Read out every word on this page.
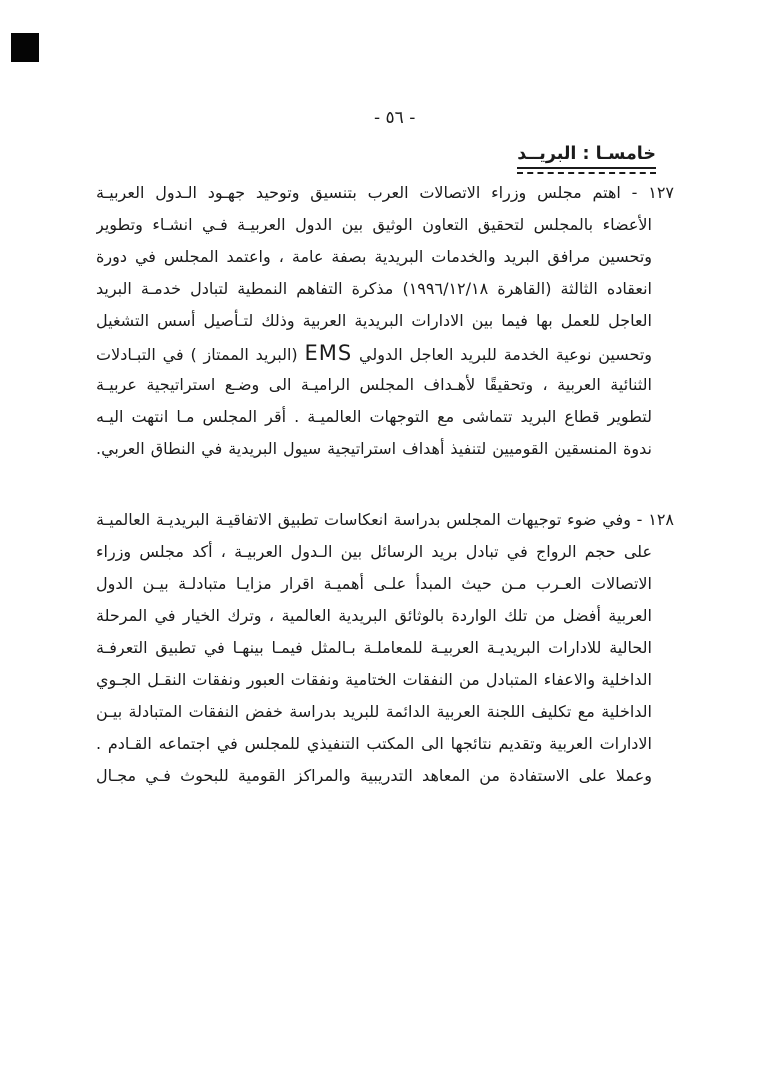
- ٥٦ -
خامسـا : البريــد
١٢٧ - اهتم مجلس وزراء الاتصالات العرب بتنسيق وتوحيد جهـود الـدول العربيـة
الأعضاء بالمجلس لتحقيق التعاون الوثيق بين الدول العربيـة فـي انشـاء وتطوير
وتحسين مرافق البريد والخدمات البريدية بصفة عامة ، واعتمد المجلس في دورة
انعقاده الثالثة (القاهرة ١٩٩٦/١٢/١٨) مذكرة التفاهم النمطية لتبادل خدمـة البريد
العاجل للعمل بها فيما بين الادارات البريدية العربية وذلك لتـأصيل أسس التشغيل
وتحسين نوعية الخدمة للبريد العاجل الدولي EMS (البريد الممتاز ) في التبـادلات
الثنائية العربية ، وتحقيقًا لأهـداف المجلس الراميـة الى وضـع استراتيجية عربيـة
لتطوير قطاع البريد تتماشى مع التوجهات العالميـة . أقر المجلس مـا انتهت اليـه
ندوة المنسقين القوميين لتنفيذ أهداف استراتيجية سيول البريدية في النطاق العربي.
١٢٨ - وفي ضوء توجيهات المجلس بدراسة انعكاسات تطبيق الاتفاقيـة البريديـة العالميـة
على حجم الرواج في تبادل بريد الرسائل بين الـدول العربيـة ، أكد مجلس وزراء
الاتصالات العـرب مـن حيث المبدأ علـى أهميـة اقرار مزايـا متبادلـة بيـن الدول
العربية أفضل من تلك الواردة بالوثائق البريدية العالمية ، وترك الخيار في المرحلة
الحالية للادارات البريديـة العربيـة للمعاملـة بـالمثل فيمـا بينهـا في تطبيق التعرفـة
الداخلية والاعفاء المتبادل من النفقات الختامية ونفقات العبور ونفقات النقـل الجـوي
الداخلية مع تكليف اللجنة العربية الدائمة للبريد بدراسة خفض النفقات المتبادلة بيـن
الادارات العربية وتقديم نتائجها الى المكتب التنفيذي للمجلس في اجتماعه القـادم .
وعملا على الاستفادة من المعاهد التدريبية والمراكز القومية للبحوث فـي مجـال
